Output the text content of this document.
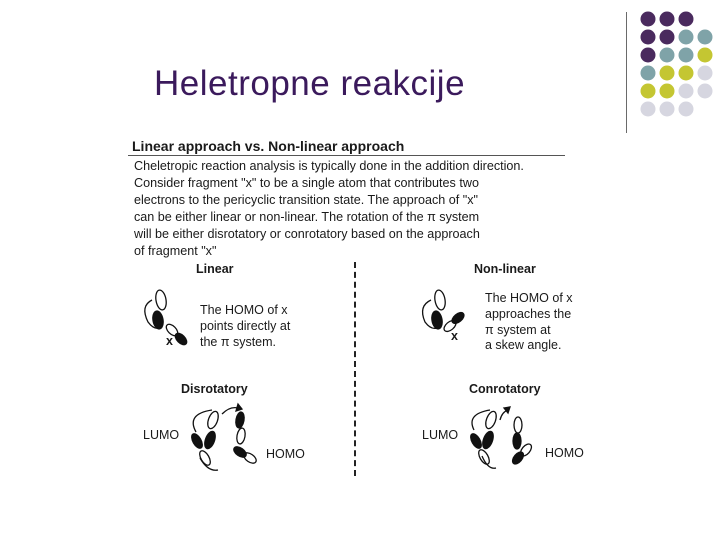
Heletropne reakcije
Linear approach vs. Non-linear approach
Cheletropic reaction analysis is typically done in the addition direction.
Consider fragment "x" to be a single atom that contributes two
electrons to the pericyclic transition state. The approach of "x"
can be either linear or non-linear. The rotation of the π system
will be either disrotatory or conrotatory based on the approach
of fragment "x"
Linear	Non-linear
x
The HOMO of x
points directly at
the π system.
Disrotatory
LUMO
HOMO
x
The HOMO of x
approaches the
π system at
a skew angle.
Conrotatory
LUMO
HOMO
